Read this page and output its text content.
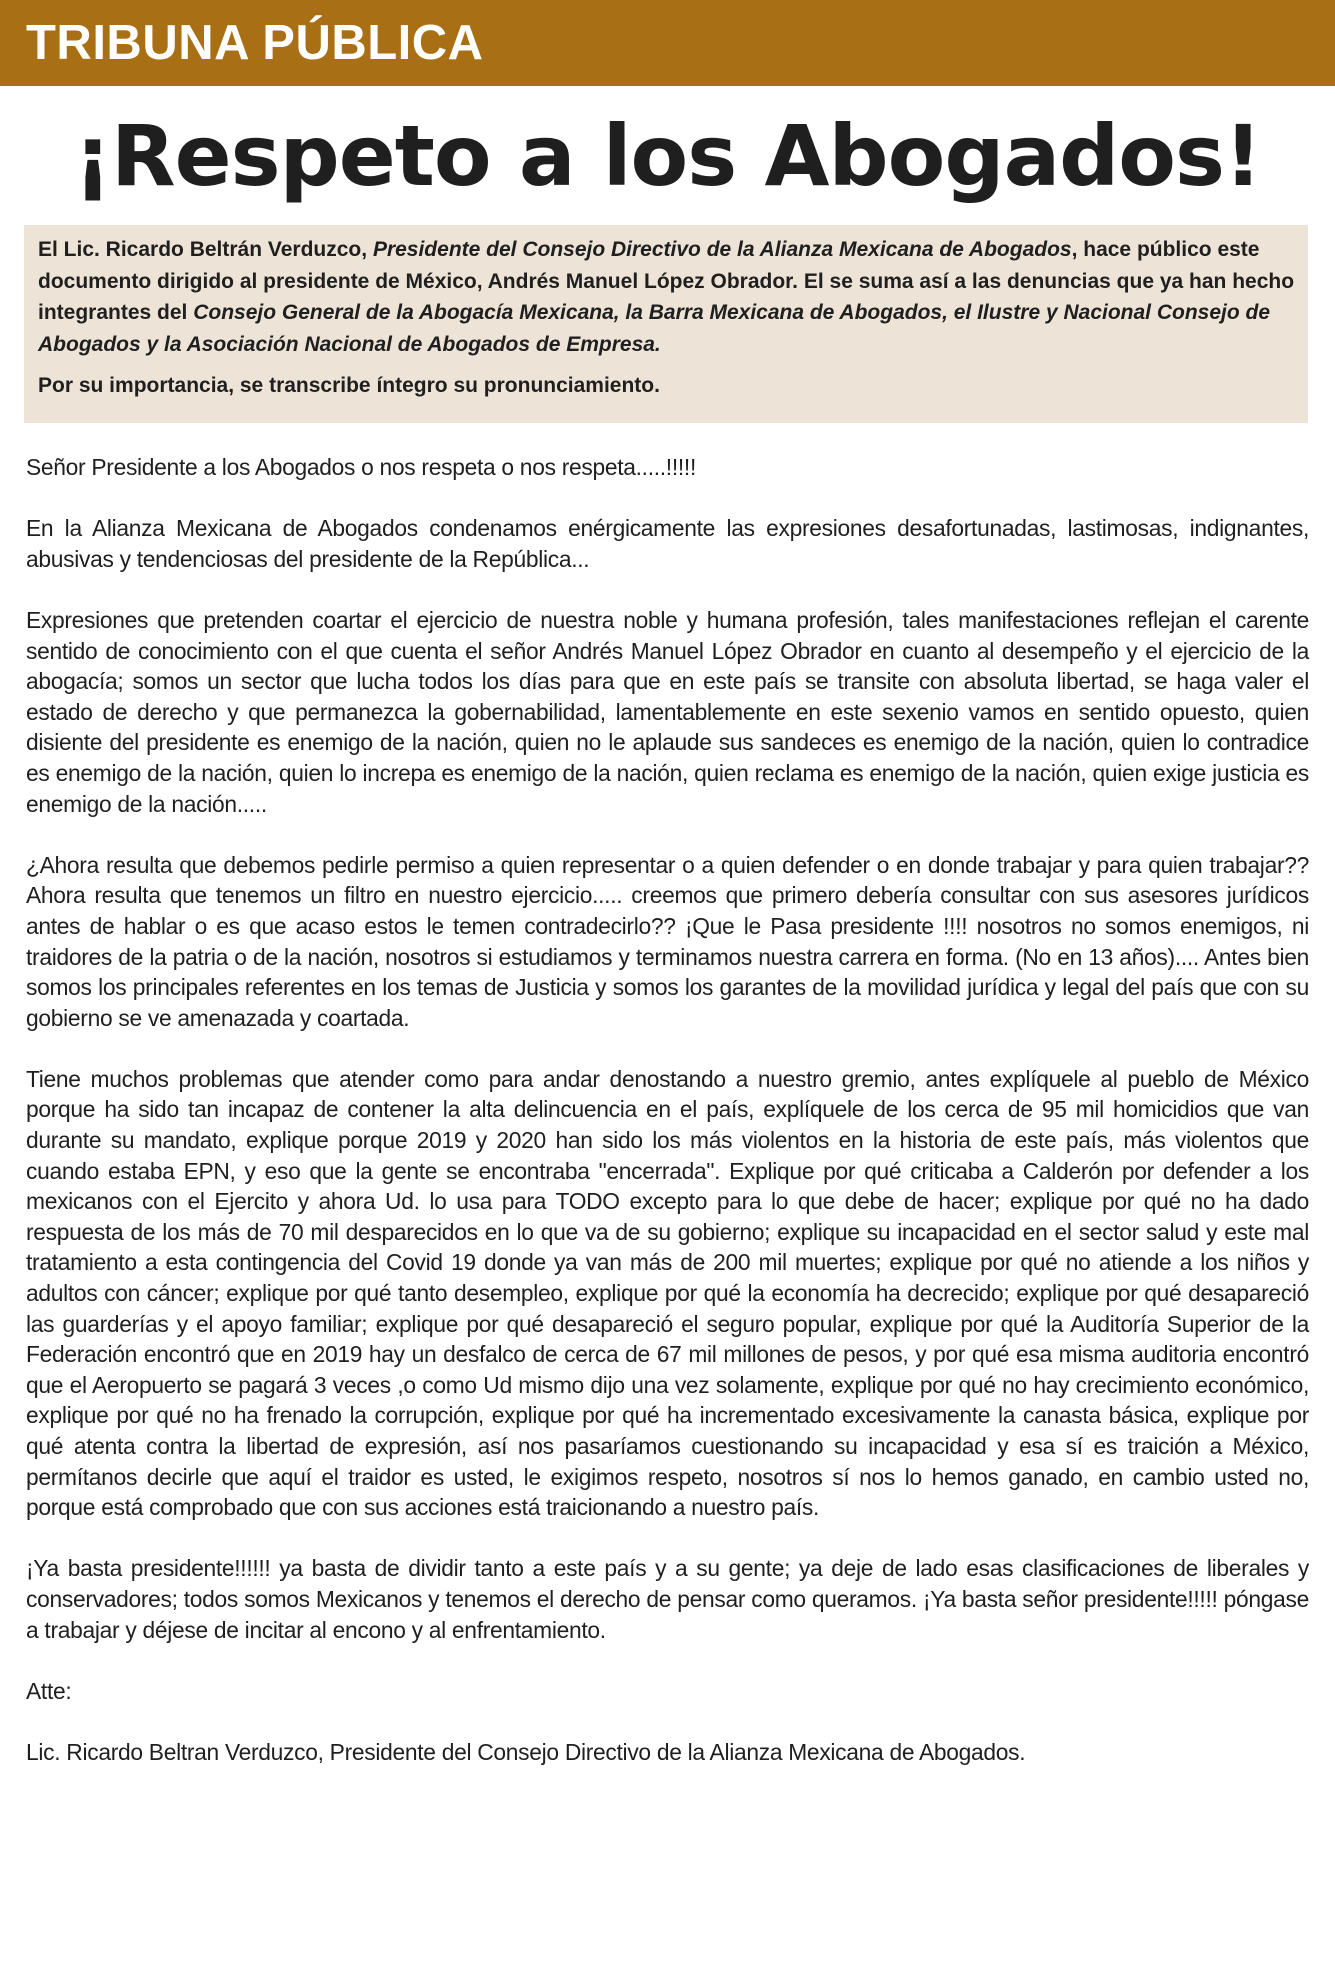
TRIBUNA PÚBLICA
¡Respeto a los Abogados!

El Lic. Ricardo Beltrán Verduzco, Presidente del Consejo Directivo de la Alianza Mexicana de Abogados, hace público este documento dirigido al presidente de México, Andrés Manuel López Obrador. El se suma así a las denuncias que ya han hecho integrantes del Consejo General de la Abogacía Mexicana, la Barra Mexicana de Abogados, el Ilustre y Nacional Consejo de Abogados y la Asociación Nacional de Abogados de Empresa.

Por su importancia, se transcribe íntegro su pronunciamiento.

Señor Presidente a los Abogados o nos respeta o nos respeta.....!!!!!

En la Alianza Mexicana de Abogados condenamos enérgicamente las expresiones desafortunadas, lastimosas, indignantes, abusivas y tendenciosas del presidente de la República...

Expresiones que pretenden coartar el ejercicio de nuestra noble y humana profesión, tales manifestaciones reflejan el carente sentido de conocimiento con el que cuenta el señor Andrés Manuel López Obrador en cuanto al desempeño y el ejercicio de la abogacía; somos un sector que lucha todos los días para que en este país se transite con absoluta libertad, se haga valer el estado de derecho y que permanezca la gobernabilidad, lamentablemente en este sexenio vamos en sentido opuesto, quien disiente del presidente es enemigo de la nación, quien no le aplaude sus sandeces es enemigo de la nación, quien lo contradice es enemigo de la nación, quien lo increpa es enemigo de la nación, quien reclama es enemigo de la nación, quien exige justicia es enemigo de la nación.....

¿Ahora resulta que debemos pedirle permiso a quien representar o a quien defender o en donde trabajar y para quien trabajar?? Ahora resulta que tenemos un filtro en nuestro ejercicio..... creemos que primero debería consultar con sus asesores jurídicos antes de hablar o es que acaso estos le temen contradecirlo?? ¡Que le Pasa presidente !!!! nosotros no somos enemigos, ni traidores de la patria o de la nación, nosotros si estudiamos y terminamos nuestra carrera en forma. (No en 13 años).... Antes bien somos los principales referentes en los temas de Justicia y somos los garantes de la movilidad jurídica y legal del país que con su gobierno se ve amenazada y coartada.

Tiene muchos problemas que atender como para andar denostando a nuestro gremio, antes explíquele al pueblo de México porque ha sido tan incapaz de contener la alta delincuencia en el país, explíquele de los cerca de 95 mil homicidios que van durante su mandato, explique porque 2019 y 2020 han sido los más violentos en la historia de este país, más violentos que cuando estaba EPN, y eso que la gente se encontraba "encerrada". Explique por qué criticaba a Calderón por defender a los mexicanos con el Ejercito y ahora Ud. lo usa para TODO excepto para lo que debe de hacer; explique por qué no ha dado respuesta de los más de 70 mil desparecidos en lo que va de su gobierno; explique su incapacidad en el sector salud y este mal tratamiento a esta contingencia del Covid 19 donde ya van más de 200 mil muertes; explique por qué no atiende a los niños y adultos con cáncer; explique por qué tanto desempleo, explique por qué la economía ha decrecido; explique por qué desapareció las guarderías y el apoyo familiar; explique por qué desapareció el seguro popular, explique por qué la Auditoría Superior de la Federación encontró que en 2019 hay un desfalco de cerca de 67 mil millones de pesos, y por qué esa misma auditoria encontró que el Aeropuerto se pagará 3 veces ,o como Ud mismo dijo una vez solamente, explique por qué no hay crecimiento económico, explique por qué no ha frenado la corrupción, explique por qué ha incrementado excesivamente la canasta básica, explique por qué atenta contra la libertad de expresión, así nos pasaríamos cuestionando su incapacidad y esa sí es traición a México, permítanos decirle que aquí el traidor es usted, le exigimos respeto, nosotros sí nos lo hemos ganado, en cambio usted no, porque está comprobado que con sus acciones está traicionando a nuestro país.

¡Ya basta presidente!!!!!! ya basta de dividir tanto a este país y a su gente; ya deje de lado esas clasificaciones de liberales y conservadores; todos somos Mexicanos y tenemos el derecho de pensar como queramos. ¡Ya basta señor presidente!!!!! póngase a trabajar y déjese de incitar al encono y al enfrentamiento.

Atte:

Lic. Ricardo Beltran Verduzco, Presidente del Consejo Directivo de la Alianza Mexicana de Abogados.
